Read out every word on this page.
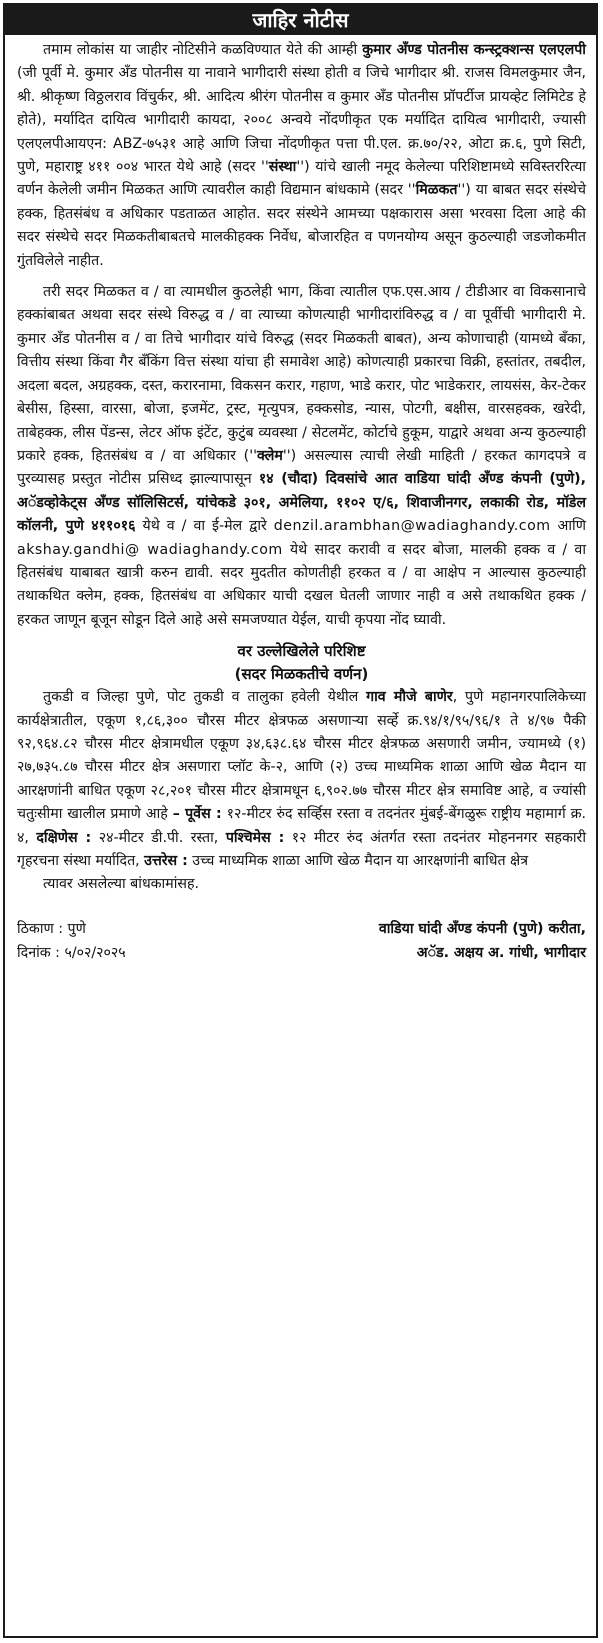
जाहिर नोटीस

तमाम लोकांस या जाहीर नोटिसीने कळविण्यात येते की आम्ही कुमार अँण्ड पोतनीस कन्स्ट्रक्शन्स एलएलपी (जी पूर्वी मे. कुमार अँड पोतनीस या नावाने भागीदारी संस्था होती व जिचे भागीदार श्री. राजस विमलकुमार जैन, श्री. श्रीकृष्ण विठ्ठलराव विंचुर्कर, श्री. आदित्य श्रीरंग पोतनीस व कुमार अँड पोतनीस प्रॉपर्टीज प्रायव्हेट लिमिटेड हे होते), मर्यादित दायित्व भागीदारी कायदा, २००८ अन्वये नोंदणीकृत एक मर्यादित दायित्व भागीदारी, ज्यासी एलएलपीआयएन: ABZ-७५३१ आहे आणि जिचा नोंदणीकृत पत्ता पी.एल. क्र.७०/२२, ओटा क्र.६, पुणे सिटी, पुणे, महाराष्ट्र ४११ ००४ भारत येथे आहे (सदर ''संस्था'') यांचे खाली नमूद केलेल्या परिशिष्टामध्ये सविस्तररित्या वर्णन केलेली जमीन मिळकत आणि त्यावरील काही विद्यमान बांधकामे (सदर ''मिळकत'') या बाबत सदर संस्थेचे हक्क, हितसंबंध व अधिकार पडताळत आहोत. सदर संस्थेने आमच्या पक्षकारास असा भरवसा दिला आहे की सदर संस्थेचे सदर मिळकतीबाबतचे मालकीहक्क निर्वेध, बोजारहित व पणनयोग्य असून कुठल्याही जडजोकमीत गुंतविलेले नाहीत.

तरी सदर मिळकत व / वा त्यामधील कुठलेही भाग, किंवा त्यातील एफ.एस.आय / टीडीआर वा विकसानाचे हक्कांबाबत अथवा सदर संस्थे विरुद्ध व / वा त्याच्या कोणत्याही भागीदारांविरुद्ध व / वा पूर्वीची भागीदारी मे. कुमार अँड पोतनीस व / वा तिचे भागीदार यांचे विरुद्ध (सदर मिळकती बाबत), अन्य कोणाचाही (यामध्ये बँका, वित्तीय संस्था किंवा गैर बँकिंग वित्त संस्था यांचा ही समावेश आहे) कोणत्याही प्रकारचा विक्री, हस्तांतर, तबदील, अदला बदल, अग्रहक्क, दस्त, करारनामा, विकसन करार, गहाण, भाडे करार, पोट भाडेकरार, लायसंस, केर-टेकर बेसीस, हिस्सा, वारसा, बोजा, इजमेंट, ट्रस्ट, मृत्युपत्र, हक्कसोड, न्यास, पोटगी, बक्षीस, वारसहक्क, खरेदी, ताबेहक्क, लीस पेंडन्स, लेटर ऑफ इंटेंट, कुटुंब व्यवस्था / सेटलमेंट, कोर्टाचे हुकूम, याद्वारे अथवा अन्य कुठल्याही प्रकारे हक्क, हितसंबंध व / वा अधिकार (''क्लेम'') असल्यास त्याची लेखी माहिती / हरकत कागदपत्रे व पुरव्यासह प्रस्तुत नोटीस प्रसिध्द झाल्यापासून १४ (चौदा) दिवसांचे आत वाडिया घांदी अँण्ड कंपनी (पुणे), अॅडव्होकेट्स अँण्ड सॉलिसिटर्स, यांचेकडे ३०१, अमेलिया, ११०२ ए/६, शिवाजीनगर, लकाकी रोड, मॉडेल कॉलनी, पुणे ४११०१६ येथे व / वा ई-मेल द्वारे denzil.arambhan@wadiaghandy.com आणि akshay.gandhi@ wadiaghandy.com येथे सादर करावी व सदर बोजा, मालकी हक्क व / वा हितसंबंध याबाबत खात्री करुन द्यावी. सदर मुदतीत कोणतीही हरकत व / वा आक्षेप न आल्यास कुठल्याही तथाकथित क्लेम, हक्क, हितसंबंध वा अधिकार याची दखल घेतली जाणार नाही व असे तथाकथित हक्क / हरकत जाणून बूजून सोडून दिले आहे असे समजण्यात येईल, याची कृपया नोंद घ्यावी.

वर उल्लेखिलेले परिशिष्ट
(सदर मिळकतीचे वर्णन)

तुकडी व जिल्हा पुणे, पोट तुकडी व तालुका हवेली येथील गाव मौजे बाणेर, पुणे महानगरपालिकेच्या कार्यक्षेत्रातील, एकूण १,८६,३०० चौरस मीटर क्षेत्रफळ असणाऱ्या सर्व्हे क्र.९४/१/९५/९६/१ ते ४/९७ पैकी ९२,९६४.८२ चौरस मीटर क्षेत्रामधील एकूण ३४,६३८.६४ चौरस मीटर क्षेत्रफळ असणारी जमीन, ज्यामध्ये (१) २७,७३५.८७ चौरस मीटर क्षेत्र असणारा प्लॉट के-२, आणि (२) उच्च माध्यमिक शाळा आणि खेळ मैदान या आरक्षणांनी बाधित एकूण २८,२०१ चौरस मीटर क्षेत्रामधून ६,९०२.७७ चौरस मीटर क्षेत्र समाविष्ट आहे, व ज्यांसी चतुःसीमा खालील प्रमाणे आहे – पूर्वेस : १२-मीटर रुंद सर्व्हिस रस्ता व तदनंतर मुंबई-बेंगळुरू राष्ट्रीय महामार्ग क्र. ४, दक्षिणेस : २४-मीटर डी.पी. रस्ता, पश्चिमेस : १२ मीटर रुंद अंतर्गत रस्ता तदनंतर मोहननगर सहकारी गृहरचना संस्था मर्यादित, उत्तरेस : उच्च माध्यमिक शाळा आणि खेळ मैदान या आरक्षणांनी बाधित क्षेत्र

त्यावर असलेल्या बांधकामांसह.

ठिकाण : पुणे
दिनांक : ५/०२/२०२५
वाडिया घांदी अँण्ड कंपनी (पुणे) करीता,
अॅड. अक्षय अ. गांधी, भागीदार
